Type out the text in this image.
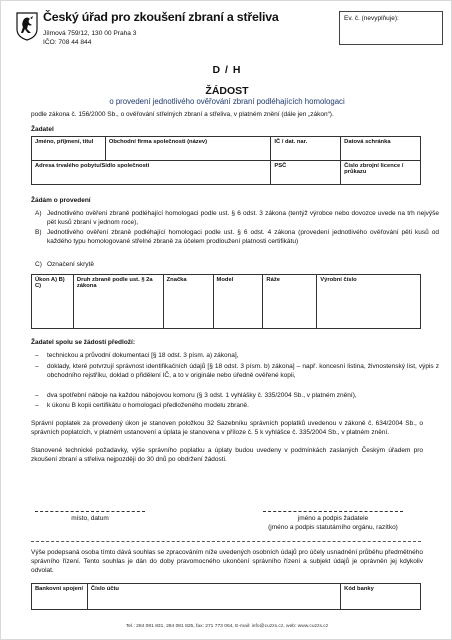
Český úřad pro zkoušení zbraní a střeliva
Jílmová 759/12, 130 00 Praha 3
IČO: 708 44 844
Ev. č. (nevyplňuje):
D / H
ŽÁDOST
o provedení jednotlivého ověřování zbraní podléhajících homologaci
podle zákona č. 156/2000 Sb., o ověřování střelných zbraní a střeliva, v platném znění (dále jen „zákon“).
Žadatel
Jméno, příjmení, titul	Obchodní firma společnosti (název)	IČ / dat. nar.	Datová schránka
Adresa trvalého pobytu/Sídlo společnosti		PSČ	Číslo zbrojní licence / průkazu
Žádám o provedení
A) Jednotlivého ověření zbraně podléhající homologaci podle ust. § 6 odst. 3 zákona (tentýž výrobce nebo dovozce uvede na trh nejvýše pět kusů zbraní v jednom roce),
B) Jednotlivého ověření zbraně podléhající homologaci podle ust. § 6 odst. 4 zákona (provedení jednotlivého ověřování pěti kusů od každého typu homologované střelné zbraně za účelem prodloužení platnosti certifikátu)
C) Označení skrytě
Úkon A) B) C)	Druh zbraně podle ust. § 2a zákona	Značka	Model	Ráže	Výrobní číslo
Žadatel spolu se žádostí předloží:
– technickou a průvodní dokumentaci [§ 18 odst. 3 písm. a) zákona],
– doklady, které potvrzují správnost identifikačních údajů [§ 18 odst. 3 písm. b) zákona] – např. koncesní listina, živnostenský list, výpis z obchodního rejstříku, doklad o přidělení IČ, a to v originále nebo úředně ověřené kopii,
– dva spotřební náboje na každou nábojovou komoru (§ 3 odst. 1 vyhlášky č. 335/2004 Sb., v platném znění),
– k úkonu B kopii certifikátu o homologaci předloženého modelu zbraně.
Správní poplatek za provedený úkon je stanoven položkou 32 Sazebníku správních poplatků uvedenou v zákoně č. 634/2004 Sb., o správních poplatcích, v platném ustanovení a úplata je stanovena v příloze č. 5 k vyhlášce č. 335/2004 Sb., v platném znění.
Stanovené technické požadavky, výše správního poplatku a úplaty budou uvedeny v podmínkách zaslaných Českým úřadem pro zkoušení zbraní a střeliva nejpozději do 30 dnů po obdržení žádosti.
místo, datum	jméno a podpis žadatele
(jméno a podpis statutárního orgánu, razítko)
Výše podepsaná osoba tímto dává souhlas se zpracováním níže uvedených osobních údajů pro účely usnadnění průběhu předmětného správního řízení. Tento souhlas je dán do doby pravomocného ukončení správního řízení a subjekt údajů je oprávněn jej kdykoliv odvolat.
Bankovní spojení	Číslo účtu	Kód banky
Tel.: 284 081 831, 284 081 825, fax: 271 773 064, E-mail: info@cuzzs.cz, web: www.cuzzs.cz
